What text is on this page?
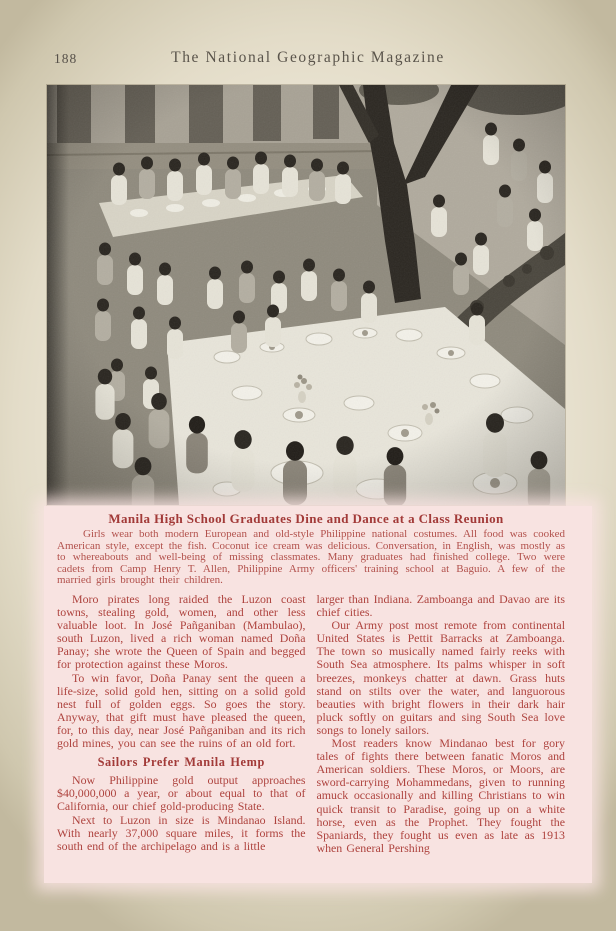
188	The National Geographic Magazine
Manila High School Graduates Dine and Dance at a Class Reunion
Girls wear both modern European and old-style Philippine national costumes. All food was cooked American style, except the fish. Coconut ice cream was delicious. Conversation, in English, was mostly as to whereabouts and well-being of missing classmates. Many graduates had finished college. Two were cadets from Camp Henry T. Allen, Philippine Army officers' training school at Baguio. A few of the married girls brought their children.

Moro pirates long raided the Luzon coast towns, stealing gold, women, and other less valuable loot. In José Pañganiban (Mambulao), south Luzon, lived a rich woman named Doña Panay; she wrote the Queen of Spain and begged for protection against these Moros.

To win favor, Doña Panay sent the queen a life-size, solid gold hen, sitting on a solid gold nest full of golden eggs. So goes the story. Anyway, that gift must have pleased the queen, for, to this day, near José Pañganiban and its rich gold mines, you can see the ruins of an old fort.

Sailors Prefer Manila Hemp

Now Philippine gold output approaches $40,000,000 a year, or about equal to that of California, our chief gold-producing State.

Next to Luzon in size is Mindanao Island. With nearly 37,000 square miles, it forms the south end of the archipelago and is a little

larger than Indiana. Zamboanga and Davao are its chief cities.

Our Army post most remote from continental United States is Pettit Barracks at Zamboanga. The town so musically named fairly reeks with South Sea atmosphere. Its palms whisper in soft breezes, monkeys chatter at dawn. Grass huts stand on stilts over the water, and languorous beauties with bright flowers in their dark hair pluck softly on guitars and sing South Sea love songs to lonely sailors.

Most readers know Mindanao best for gory tales of fights there between fanatic Moros and American soldiers. These Moros, or Moors, are sword-carrying Mohammedans, given to running amuck occasionally and killing Christians to win quick transit to Paradise, going up on a white horse, even as the Prophet. They fought the Spaniards, they fought us even as late as 1913 when General Pershing
